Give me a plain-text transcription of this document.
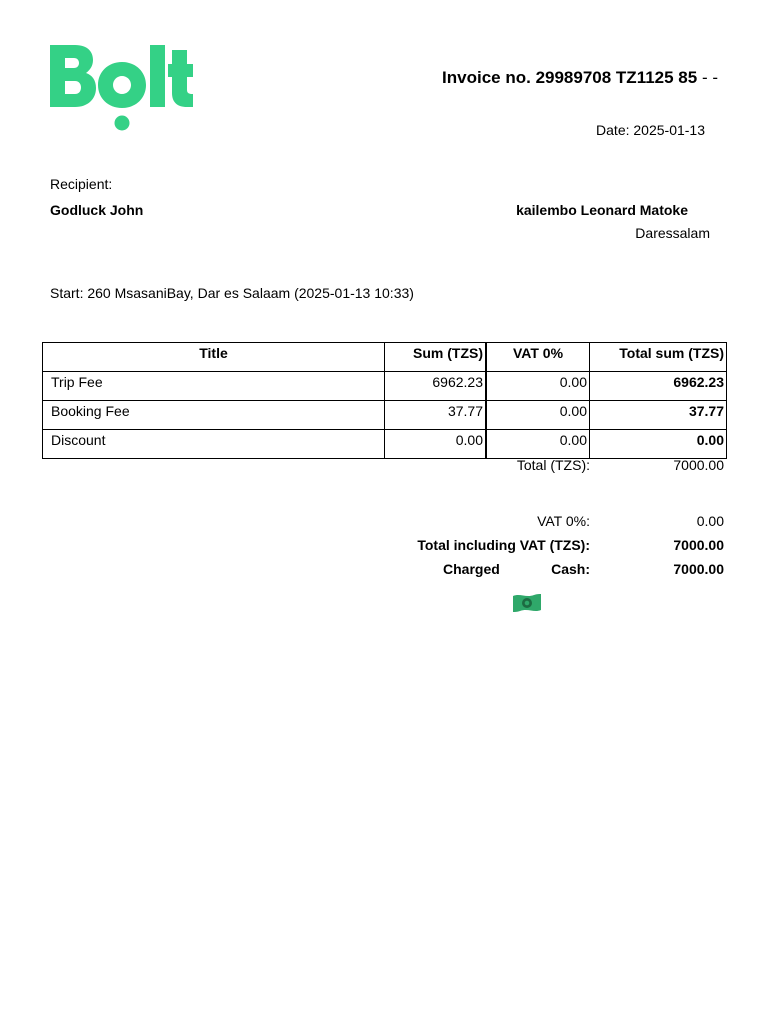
Invoice no. 29989708 TZ1125 85 - -
Date: 2025-01-13
Recipient:
Godluck John	kailembo Leonard Matoke
Daressalam
Start: 260 MsasaniBay, Dar es Salaam (2025-01-13 10:33)
Title	Sum (TZS)	VAT 0%	Total sum (TZS)
Trip Fee	6962.23	0.00	6962.23
Booking Fee	37.77	0.00	37.77
Discount	0.00	0.00	0.00
Total (TZS):	7000.00
VAT 0%:	0.00
Total including VAT (TZS):	7000.00
Charged	Cash:	7000.00
